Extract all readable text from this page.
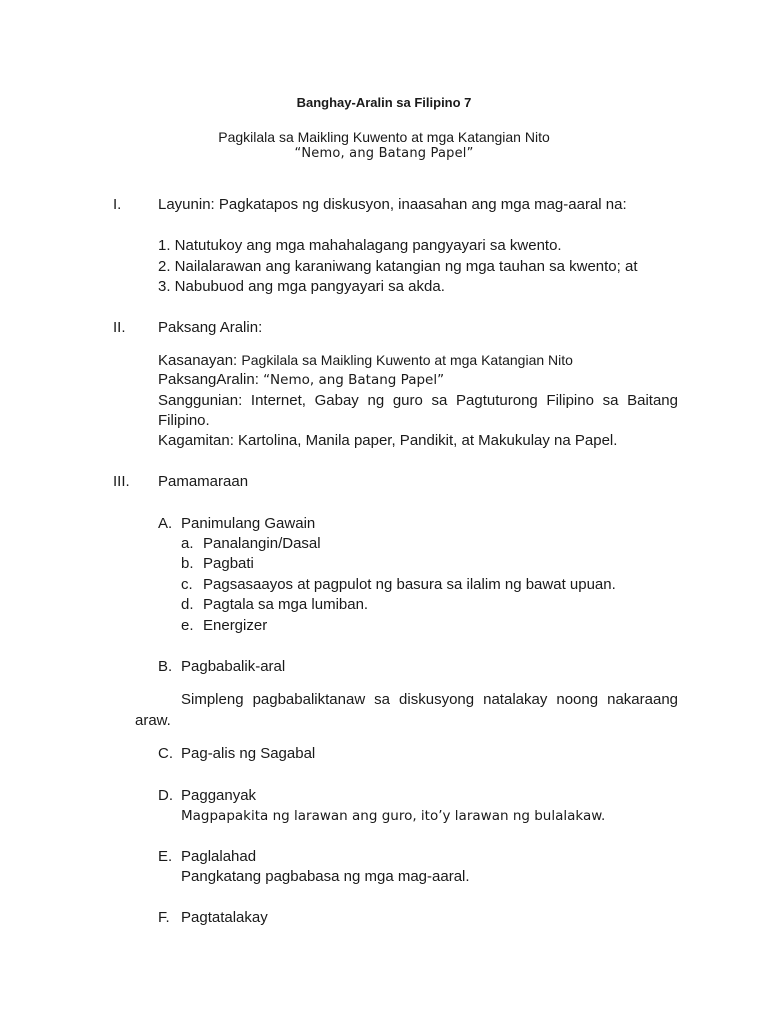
Banghay-Aralin sa Filipino 7
Pagkilala sa Maikling Kuwento at mga Katangian Nito
“Nemo, ang Batang Papel”
I. Layunin: Pagkatapos ng diskusyon, inaasahan ang mga mag-aaral na:
1. Natutukoy ang mga mahahalagang pangyayari sa kwento.
2. Nailalarawan ang karaniwang katangian ng mga tauhan sa kwento; at
3. Nabubuod ang mga pangyayari sa akda.
II. Paksang Aralin:
Kasanayan: Pagkilala sa Maikling Kuwento at mga Katangian Nito
PaksangAralin: “Nemo, ang Batang Papel”
Sanggunian: Internet, Gabay ng guro sa Pagtuturong Filipino sa Baitang
Filipino.
Kagamitan: Kartolina, Manila paper, Pandikit, at Makukulay na Papel.
III. Pamamaraan
A. Panimulang Gawain
a. Panalangin/Dasal
b. Pagbati
c. Pagsasaayos at pagpulot ng basura sa ilalim ng bawat upuan.
d. Pagtala sa mga lumiban.
e. Energizer
B. Pagbabalik-aral
Simpleng pagbabaliktanaw sa diskusyong natalakay noong nakaraang
araw.
C. Pag-alis ng Sagabal
D. Pagganyak
Magpapakita ng larawan ang guro, ito’y larawan ng bulalakaw.
E. Paglalahad
Pangkatang pagbabasa ng mga mag-aaral.
F. Pagtatalakay
